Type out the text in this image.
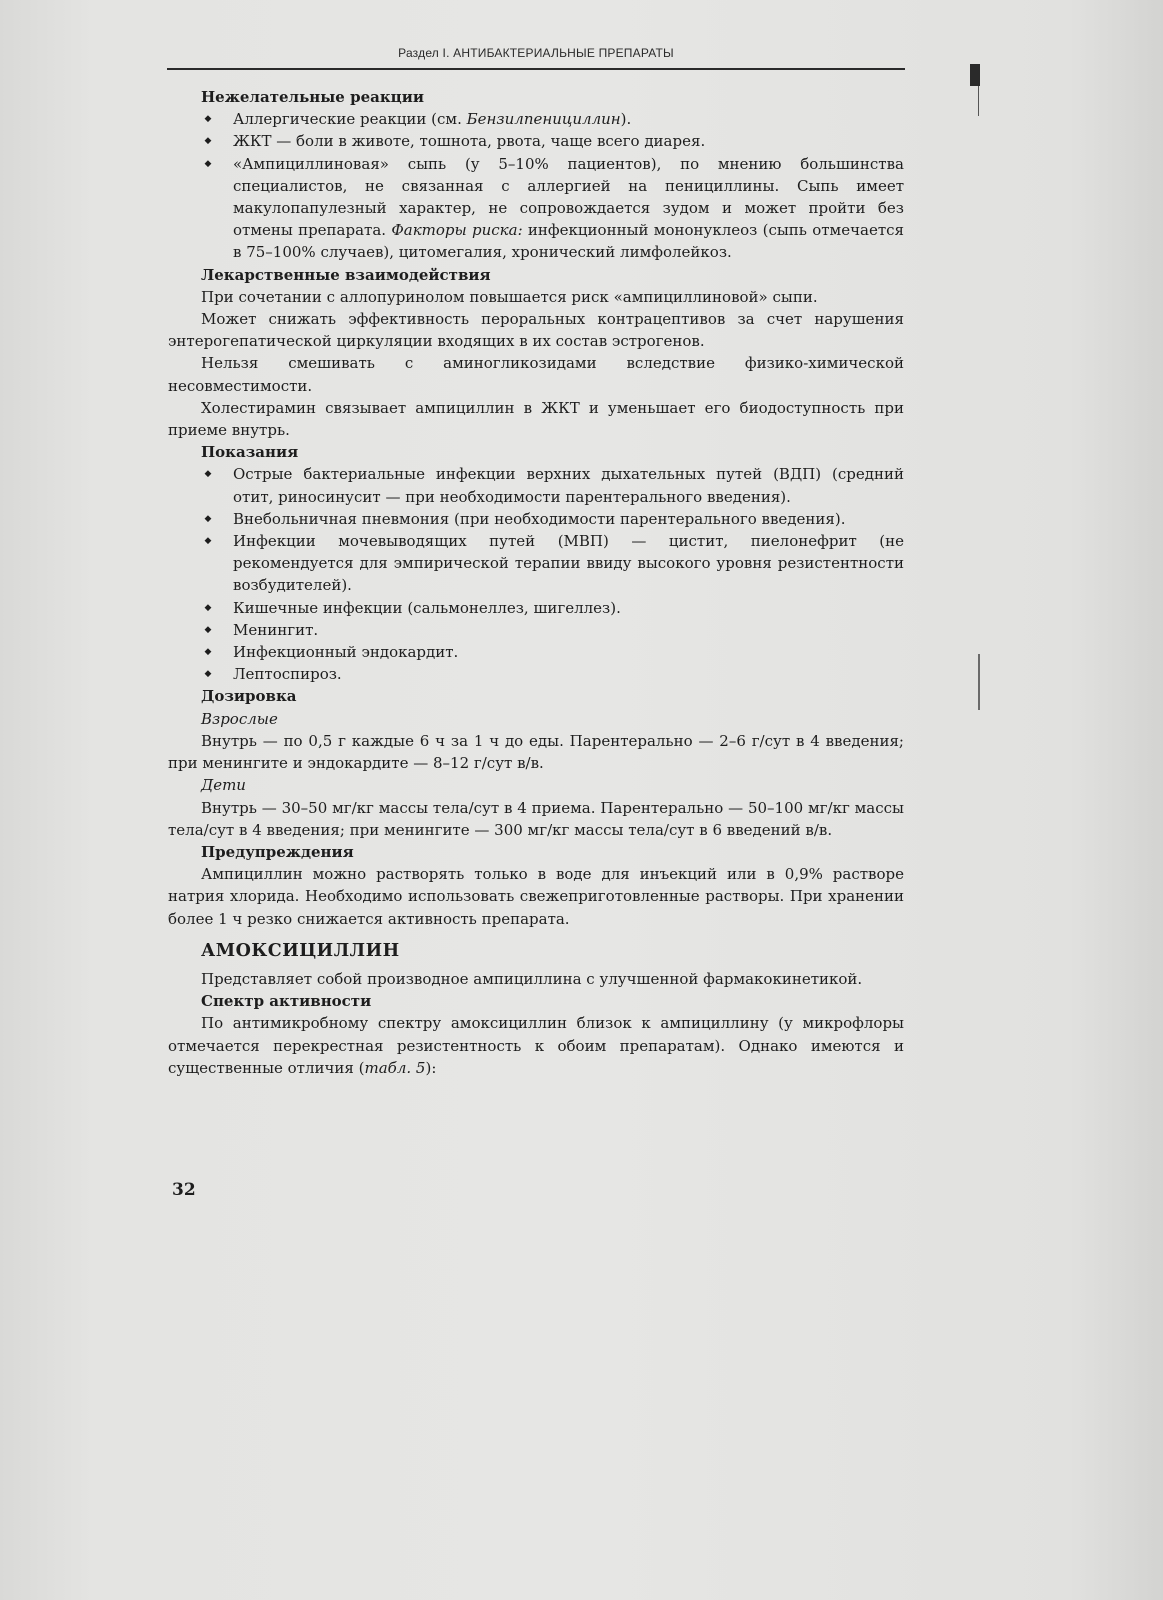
Раздел I. АНТИБАКТЕРИАЛЬНЫЕ ПРЕПАРАТЫ
Нежелательные реакции
◆ Аллергические реакции (см. Бензилпенициллин).
◆ ЖКТ — боли в животе, тошнота, рвота, чаще всего диарея.
◆ «Ампициллиновая» сыпь (у 5–10% пациентов), по мнению большинства специалистов, не связанная с аллергией на пенициллины. Сыпь имеет макулопапулезный характер, не сопровождается зудом и может пройти без отмены препарата. Факторы риска: инфекционный мононуклеоз (сыпь отмечается в 75–100% случаев), цитомегалия, хронический лимфолейкоз.
Лекарственные взаимодействия

При сочетании с аллопуринолом повышается риск «ампициллиновой» сыпи.

Может снижать эффективность пероральных контрацептивов за счет нарушения энтерогепатической циркуляции входящих в их состав эстрогенов.

Нельзя смешивать с аминогликозидами вследствие физико-химической несовместимости.

Холестирамин связывает ампициллин в ЖКТ и уменьшает его биодоступность при приеме внутрь.

Показания
◆ Острые бактериальные инфекции верхних дыхательных путей (ВДП) (средний отит, риносинусит — при необходимости парентерального введения).
◆ Внебольничная пневмония (при необходимости парентерального введения).
◆ Инфекции мочевыводящих путей (МВП) — цистит, пиелонефрит (не рекомендуется для эмпирической терапии ввиду высокого уровня резистентности возбудителей).
◆ Кишечные инфекции (сальмонеллез, шигеллез).
◆ Менингит.
◆ Инфекционный эндокардит.
◆ Лептоспироз.
Дозировка
Взрослые

Внутрь — по 0,5 г каждые 6 ч за 1 ч до еды. Парентерально — 2–6 г/сут в 4 введения; при менингите и эндокардите — 8–12 г/сут в/в.

Дети

Внутрь — 30–50 мг/кг массы тела/сут в 4 приема. Парентерально — 50–100 мг/кг массы тела/сут в 4 введения; при менингите — 300 мг/кг массы тела/сут в 6 введений в/в.

Предупреждения

Ампициллин можно растворять только в воде для инъекций или в 0,9% растворе натрия хлорида. Необходимо использовать свежеприготовленные растворы. При хранении более 1 ч резко снижается активность препарата.

АМОКСИЦИЛЛИН

Представляет собой производное ампициллина с улучшенной фармакокинетикой.

Спектр активности

По антимикробному спектру амоксициллин близок к ампициллину (у микрофлоры отмечается перекрестная резистентность к обоим препаратам). Однако имеются и существенные отличия (табл. 5):

32
